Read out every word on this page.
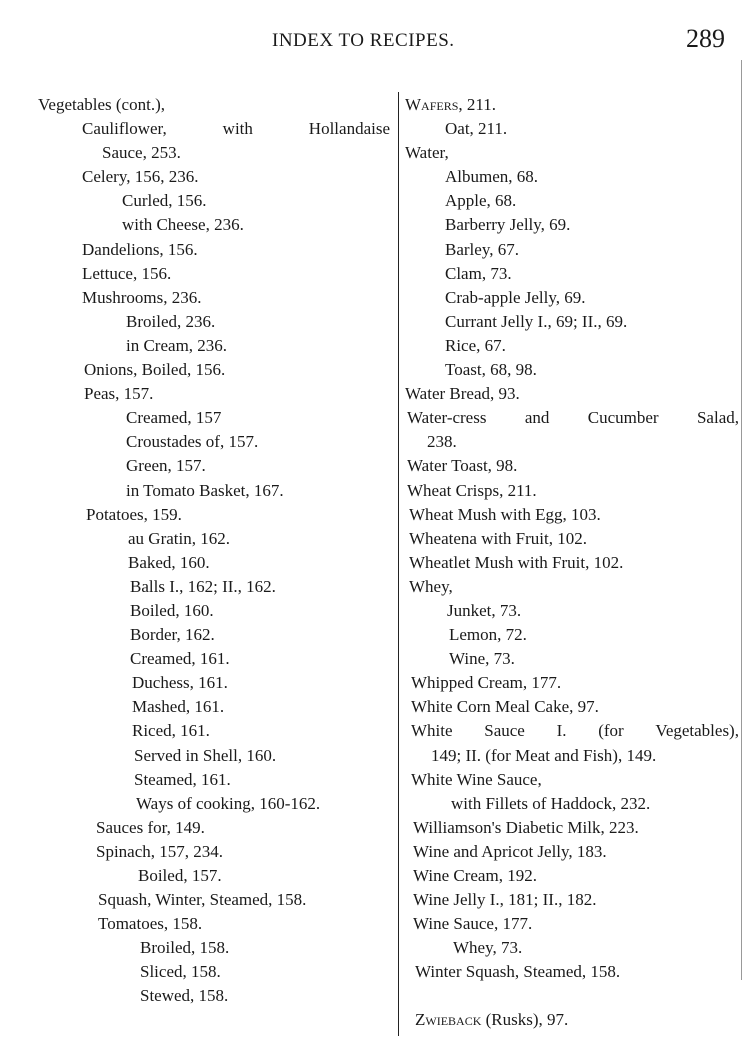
INDEX TO RECIPES.	289
Vegetables (cont.),
Cauliflower,	with	Hollandaise
Sauce, 253.
Celery, 156, 236.
Curled, 156.
with Cheese, 236.
Dandelions, 156.
Lettuce, 156.
Mushrooms, 236.
Broiled, 236.
in Cream, 236.
Onions, Boiled, 156.
Peas, 157.
Creamed, 157
Croustades of, 157.
Green, 157.
in Tomato Basket, 167.
Potatoes, 159.
au Gratin, 162.
Baked, 160.
Balls I., 162; II., 162.
Boiled, 160.
Border, 162.
Creamed, 161.
Duchess, 161.
Mashed, 161.
Riced, 161.
Served in Shell, 160.
Steamed, 161.
Ways of cooking, 160-162.
Sauces for, 149.
Spinach, 157, 234.
Boiled, 157.
Squash, Winter, Steamed, 158.
Tomatoes, 158.
Broiled, 158.
Sliced, 158.
Stewed, 158.
Wafers, 211.
Oat, 211.
Water,
Albumen, 68.
Apple, 68.
Barberry Jelly, 69.
Barley, 67.
Clam, 73.
Crab-apple Jelly, 69.
Currant Jelly I., 69; II., 69.
Rice, 67.
Toast, 68, 98.
Water Bread, 93.
Water-cress and Cucumber Salad,
238.
Water Toast, 98.
Wheat Crisps, 211.
Wheat Mush with Egg, 103.
Wheatena with Fruit, 102.
Wheatlet Mush with Fruit, 102.
Whey,
Junket, 73.
Lemon, 72.
Wine, 73.
Whipped Cream, 177.
White Corn Meal Cake, 97.
White Sauce I. (for Vegetables),
149; II. (for Meat and Fish), 149.
White Wine Sauce,
with Fillets of Haddock, 232.
Williamson's Diabetic Milk, 223.
Wine and Apricot Jelly, 183.
Wine Cream, 192.
Wine Jelly I., 181; II., 182.
Wine Sauce, 177.
Whey, 73.
Winter Squash, Steamed, 158.
Zwieback (Rusks), 97.
